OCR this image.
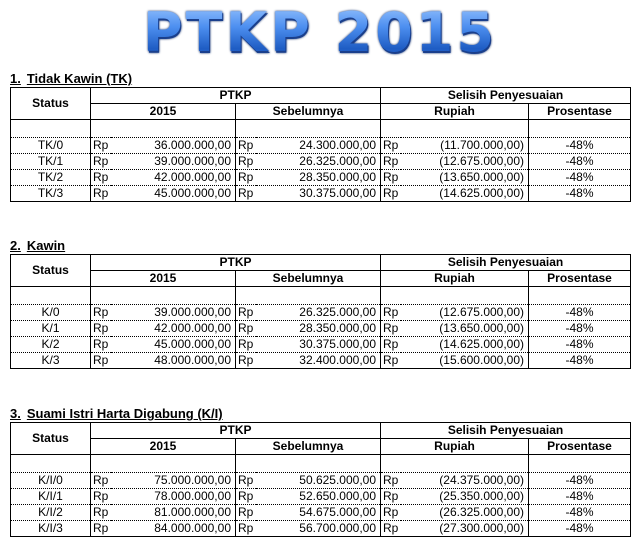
PTKP 2015
1. Tidak Kawin (TK)
Status	PTKP				Selisih Penyesuaian		
	2015		Sebelumnya		Rupiah		Prosentase

TK/0	Rp	36.000.000,00	Rp	24.300.000,00	Rp	(11.700.000,00)	-48%
TK/1	Rp	39.000.000,00	Rp	26.325.000,00	Rp	(12.675.000,00)	-48%
TK/2	Rp	42.000.000,00	Rp	28.350.000,00	Rp	(13.650.000,00)	-48%
TK/3	Rp	45.000.000,00	Rp	30.375.000,00	Rp	(14.625.000,00)	-48%
2. Kawin
Status	PTKP				Selisih Penyesuaian		
	2015		Sebelumnya		Rupiah		Prosentase

K/0	Rp	39.000.000,00	Rp	26.325.000,00	Rp	(12.675.000,00)	-48%
K/1	Rp	42.000.000,00	Rp	28.350.000,00	Rp	(13.650.000,00)	-48%
K/2	Rp	45.000.000,00	Rp	30.375.000,00	Rp	(14.625.000,00)	-48%
K/3	Rp	48.000.000,00	Rp	32.400.000,00	Rp	(15.600.000,00)	-48%
3. Suami Istri Harta Digabung (K/I)
Status	PTKP				Selisih Penyesuaian		
	2015		Sebelumnya		Rupiah		Prosentase

K/I/0	Rp	75.000.000,00	Rp	50.625.000,00	Rp	(24.375.000,00)	-48%
K/I/1	Rp	78.000.000,00	Rp	52.650.000,00	Rp	(25.350.000,00)	-48%
K/I/2	Rp	81.000.000,00	Rp	54.675.000,00	Rp	(26.325.000,00)	-48%
K/I/3	Rp	84.000.000,00	Rp	56.700.000,00	Rp	(27.300.000,00)	-48%
